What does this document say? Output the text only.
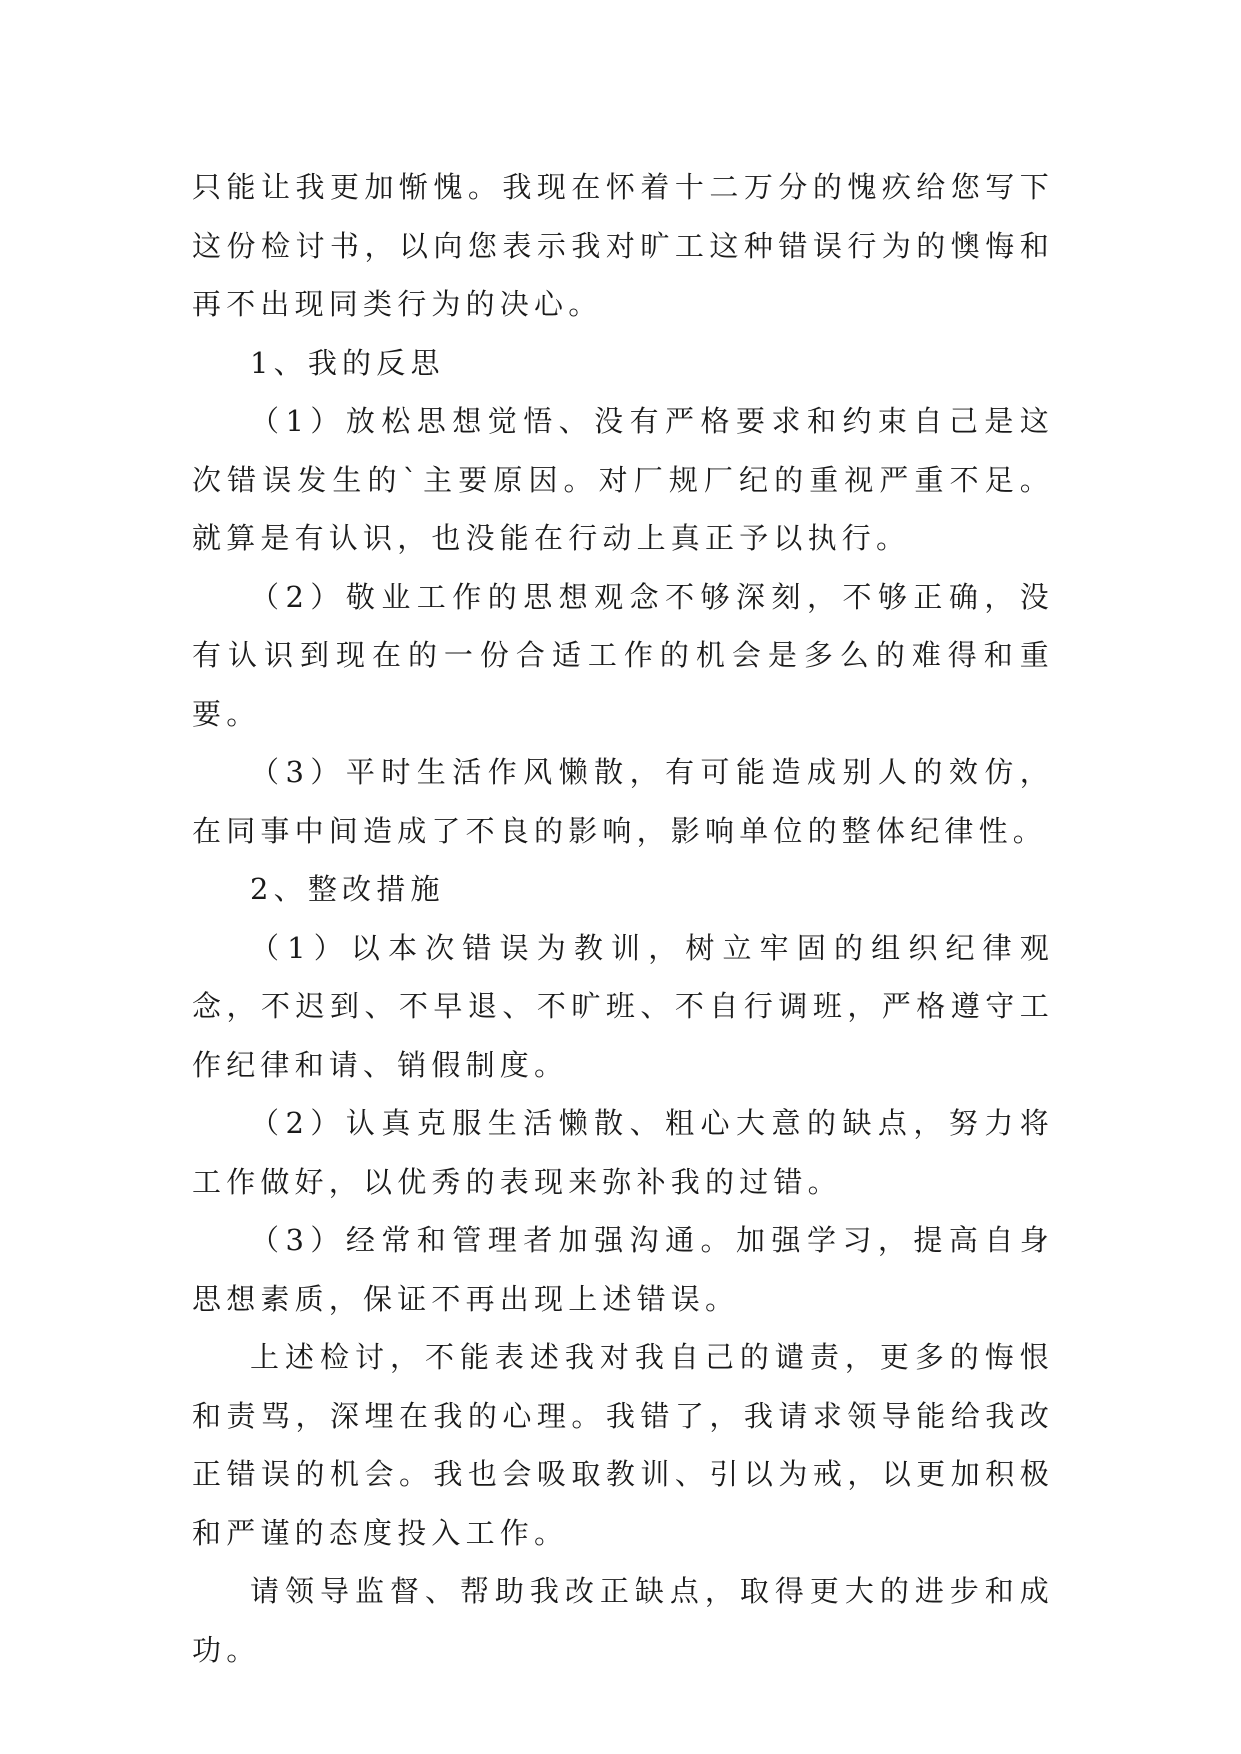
只能让我更加惭愧。我现在怀着十二万分的愧疚给您写下这份检讨书，以向您表示我对旷工这种错误行为的懊悔和再不出现同类行为的决心。

1、我的反思

（1）放松思想觉悟、没有严格要求和约束自己是这次错误发生的`主要原因。对厂规厂纪的重视严重不足。就算是有认识，也没能在行动上真正予以执行。

（2）敬业工作的思想观念不够深刻，不够正确，没有认识到现在的一份合适工作的机会是多么的难得和重要。

（3）平时生活作风懒散，有可能造成别人的效仿，在同事中间造成了不良的影响，影响单位的整体纪律性。

2、整改措施

（1）以本次错误为教训，树立牢固的组织纪律观念，不迟到、不早退、不旷班、不自行调班，严格遵守工作纪律和请、销假制度。

（2）认真克服生活懒散、粗心大意的缺点，努力将工作做好，以优秀的表现来弥补我的过错。

（3）经常和管理者加强沟通。加强学习，提高自身思想素质，保证不再出现上述错误。

上述检讨，不能表述我对我自己的谴责，更多的悔恨和责骂，深埋在我的心理。我错了，我请求领导能给我改正错误的机会。我也会吸取教训、引以为戒，以更加积极和严谨的态度投入工作。

请领导监督、帮助我改正缺点，取得更大的进步和成功。
